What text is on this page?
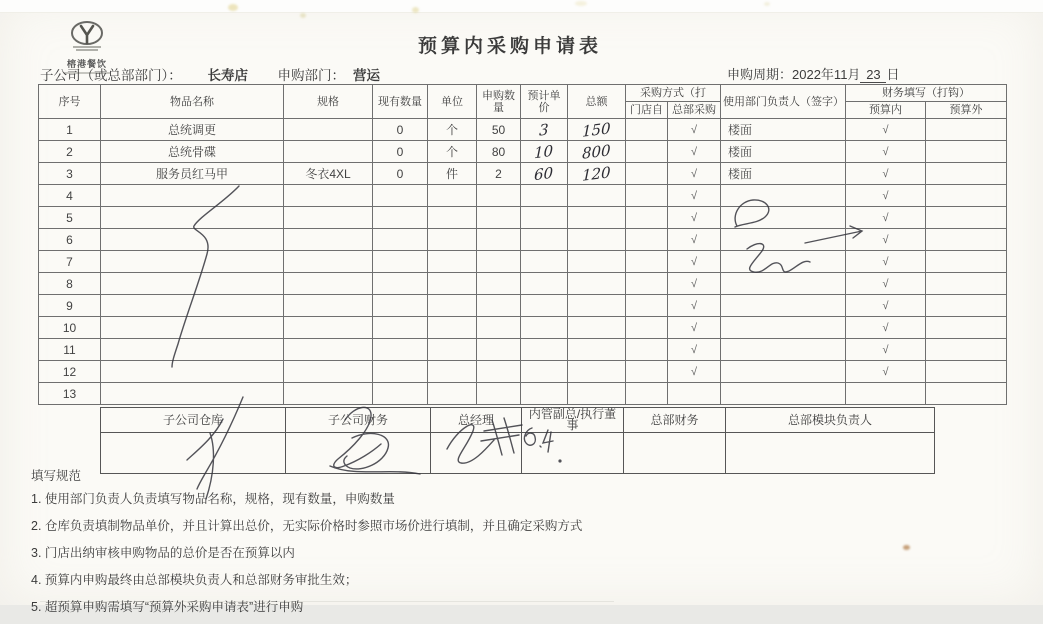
榕港餐饮
预算内采购申请表
子公司（或总部部门）： 长寿店 申购部门： 营运	申购周期：2022年11月 23 日
序号	物品名称	规格	现有数量	单位	申购数量	预计单价	总额	采购方式（打		使用部门负责人（签字）	财务填写（打钩）	
								门店自	总部采购		预算内	预算外
1	总统调更		0	个	50	3	150		√	楼面	√	
2	总统骨碟		0	个	80	10	800		√	楼面	√	
3	服务员红马甲	冬衣4XL	0	件	2	60	120		√	楼面	√	
4									√		√	
5									√		√	
6									√		√	
7									√		√	
8									√		√	
9									√		√	
10									√		√	
11									√		√	
12									√		√	
13												
子公司仓库	子公司财务	总经理	内管副总/执行董事	总部财务	总部模块负责人

填写规范
1. 使用部门负责人负责填写物品名称，规格，现有数量，申购数量
2. 仓库负责填制物品单价，并且计算出总价，无实际价格时参照市场价进行填制，并且确定采购方式
3. 门店出纳审核申购物品的总价是否在预算以内
4. 预算内申购最终由总部模块负责人和总部财务审批生效；
5. 超预算申购需填写“预算外采购申请表”进行申购
